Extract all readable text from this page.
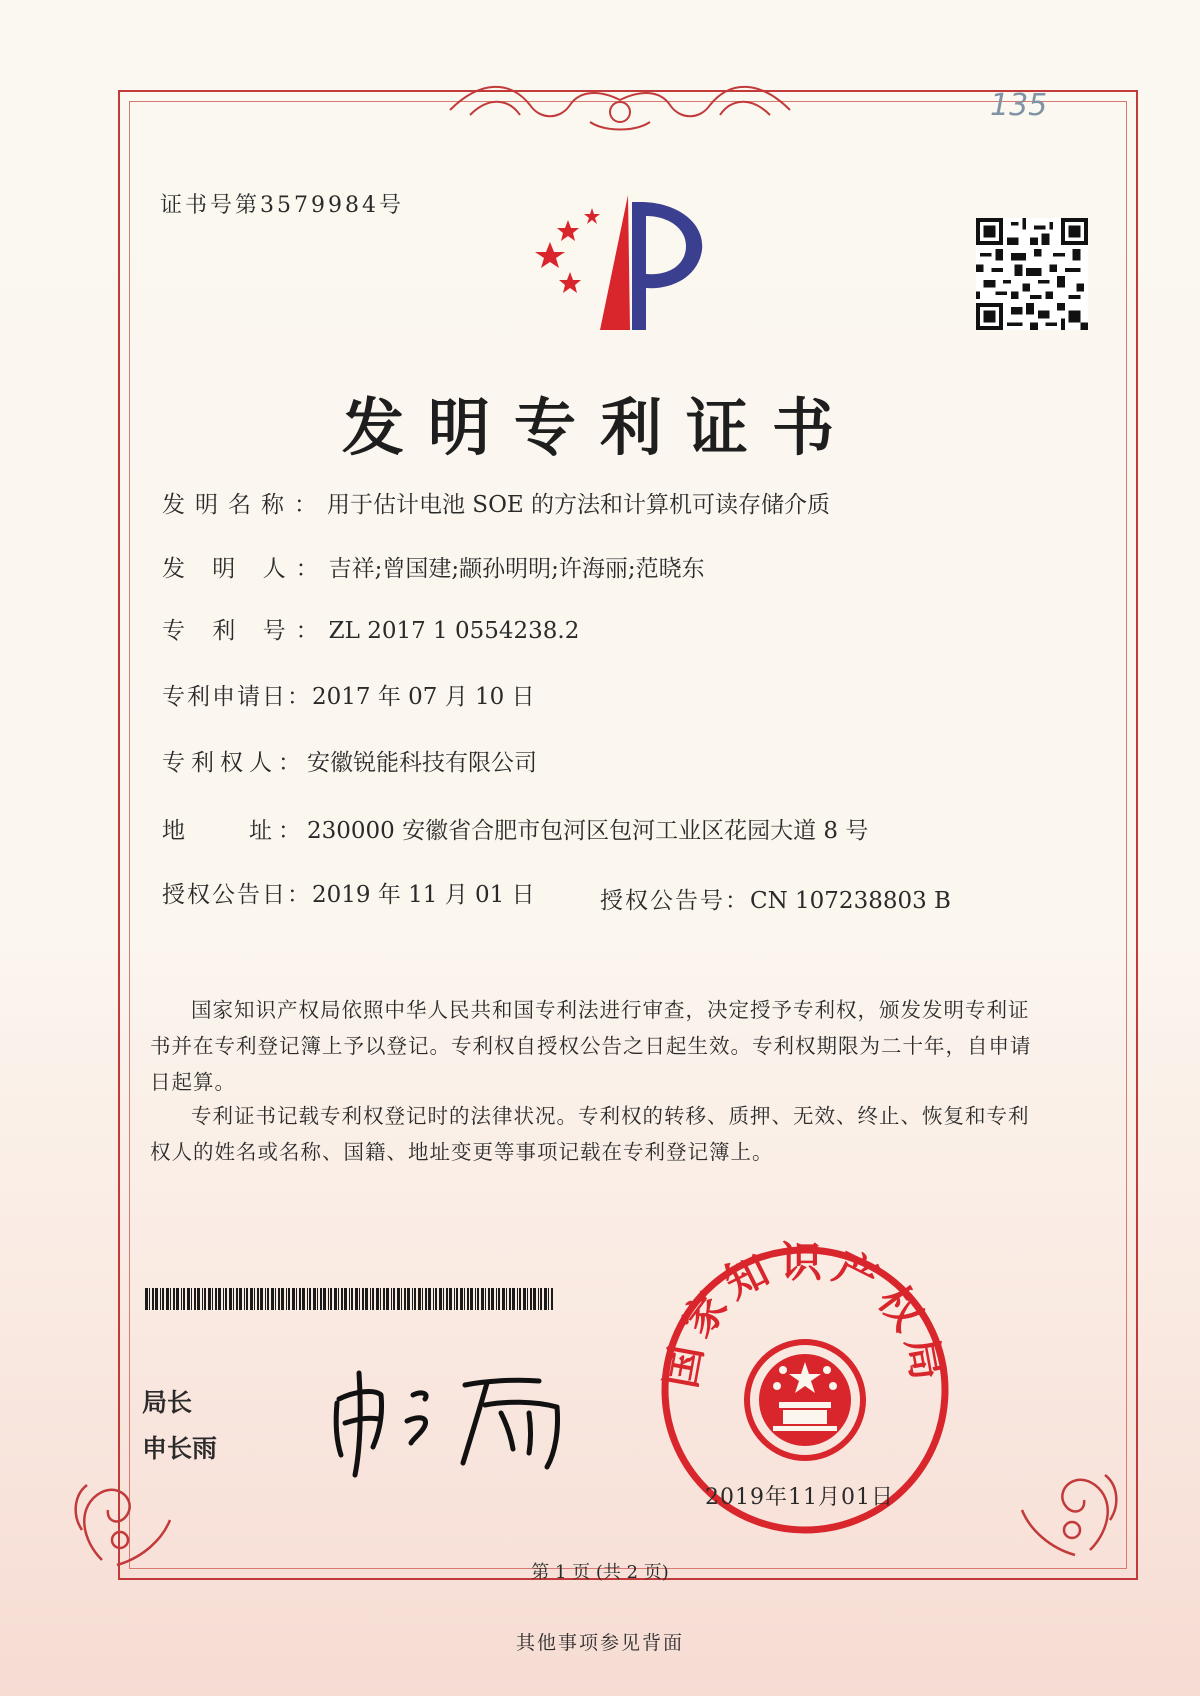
135
证书号第3579984号
发明专利证书
发明名称：用于估计电池 SOE 的方法和计算机可读存储介质
发 明 人：吉祥;曾国建;颛孙明明;许海丽;范晓东
专 利 号：ZL 2017 1 0554238.2
专利申请日：2017 年 07 月 10 日
专利权人：安徽锐能科技有限公司
地　　址：230000 安徽省合肥市包河区包河工业区花园大道 8 号
授权公告日：2019 年 11 月 01 日	授权公告号：CN 107238803 B
国家知识产权局依照中华人民共和国专利法进行审查，决定授予专利权，颁发发明专利证书并在专利登记簿上予以登记。专利权自授权公告之日起生效。专利权期限为二十年，自申请日起算。
专利证书记载专利权登记时的法律状况。专利权的转移、质押、无效、终止、恢复和专利权人的姓名或名称、国籍、地址变更等事项记载在专利登记簿上。
局长
申长雨
国家知识产权局
2019年11月01日
第 1 页 (共 2 页)
其他事项参见背面
